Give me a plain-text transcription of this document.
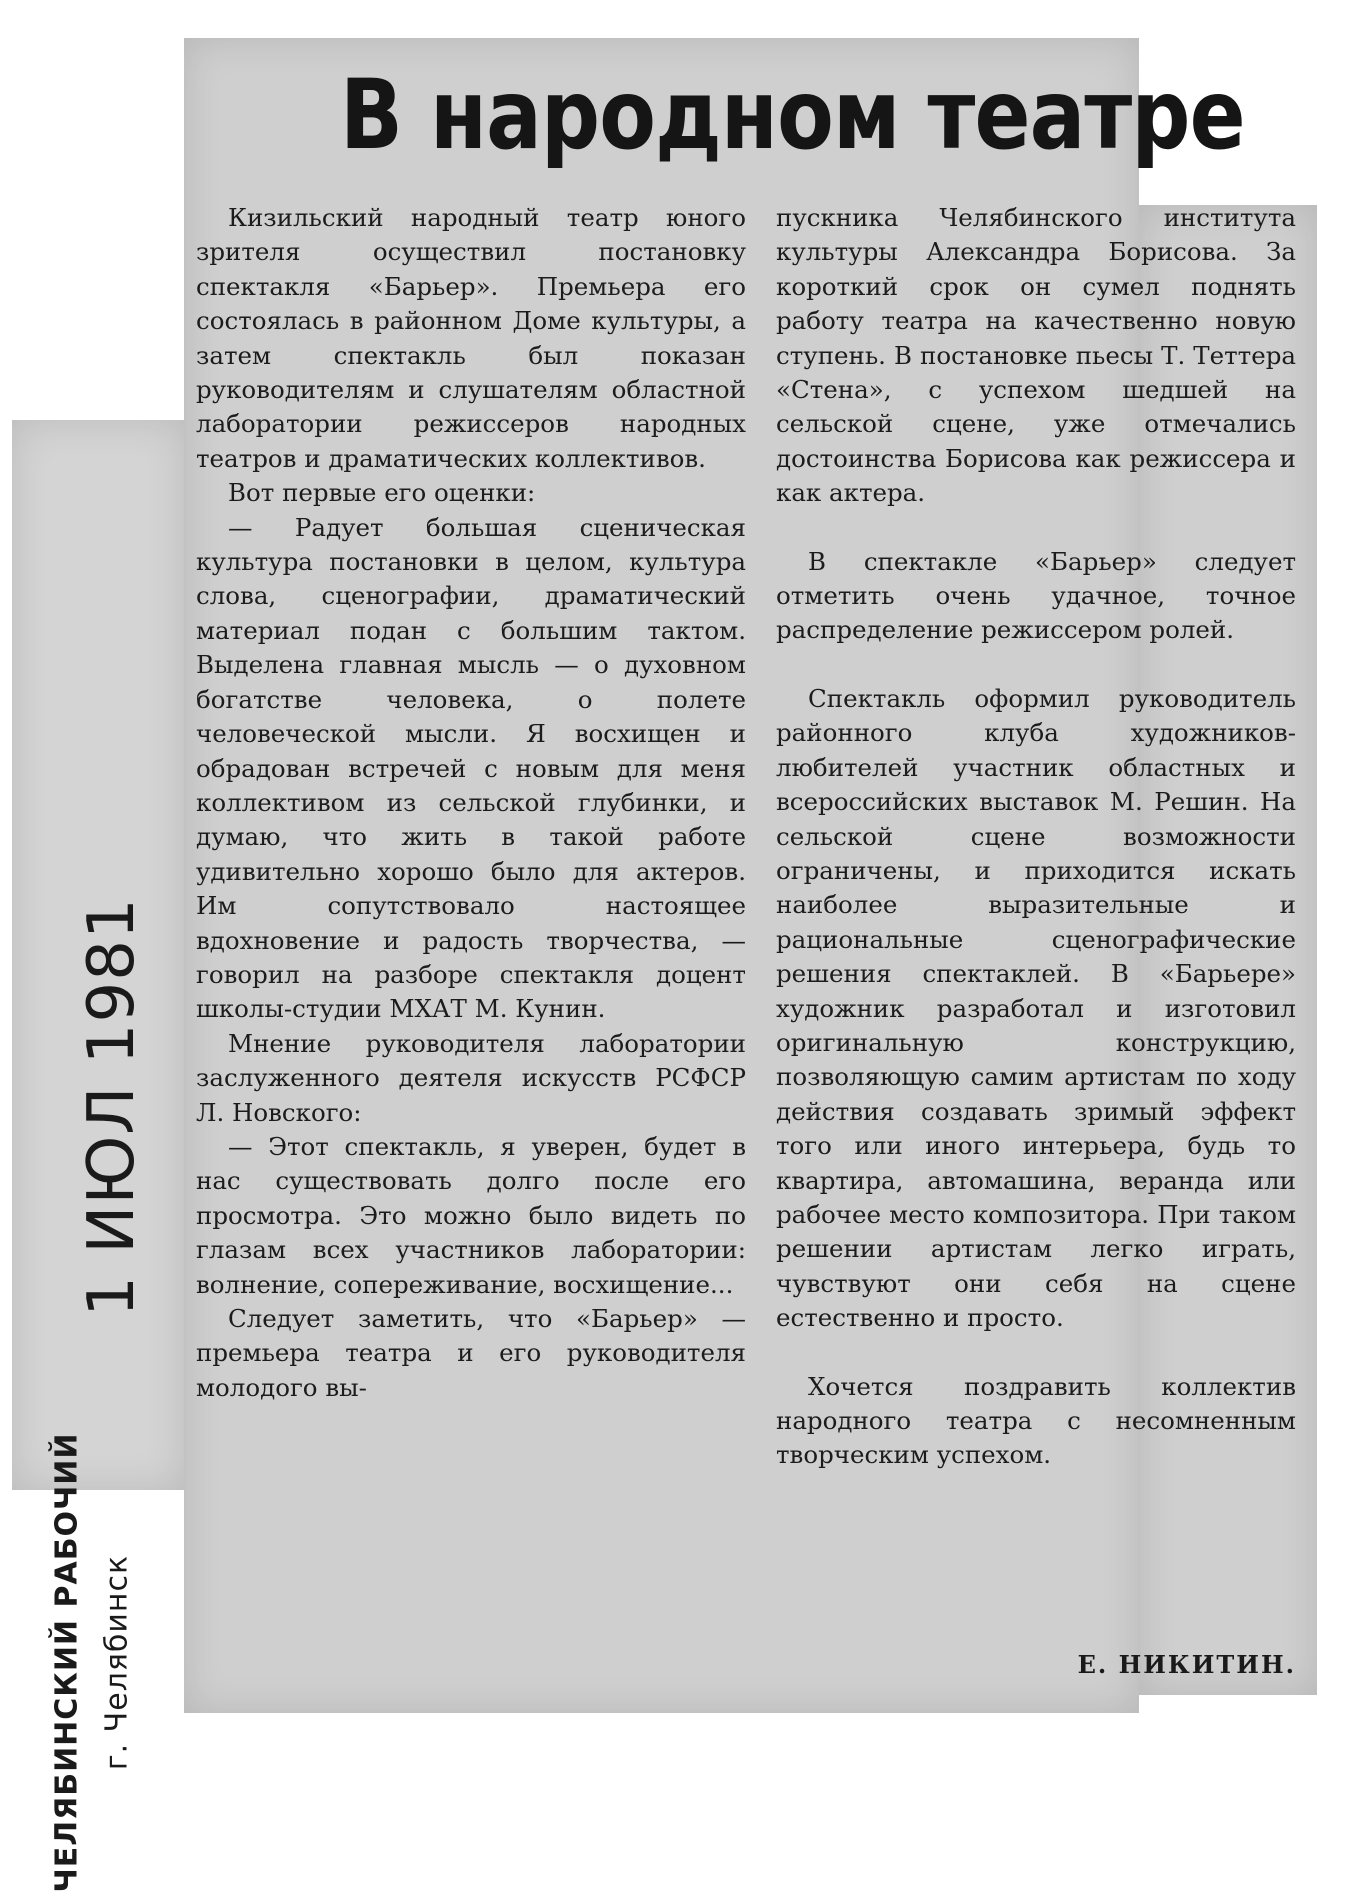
1 ИЮЛ 1981
ЧЕЛЯБИНСКИЙ РАБОЧИЙ г. Челябинск
В народном театре

Кизильский народный театр юного зрителя осуществил постановку спектакля «Барьер». Премьера его состоялась в районном Доме культуры, а затем спектакль был показан руководителям и слушателям областной лаборатории режиссеров народных театров и драматических коллективов.

Вот первые его оценки:

— Радует большая сценическая культура постановки в целом, культура слова, сценографии, драматический материал подан с большим тактом. Выделена главная мысль — о духовном богатстве человека, о полете человеческой мысли. Я восхищен и обрадован встречей с новым для меня коллективом из сельской глубинки, и думаю, что жить в такой работе удивительно хорошо было для актеров. Им сопутствовало настоящее вдохновение и радость творчества, — говорил на разборе спектакля доцент школы-студии МХАТ М. Кунин.

Мнение руководителя лаборатории заслуженного деятеля искусств РСФСР Л. Новского:

— Этот спектакль, я уверен, будет в нас существовать долго после его просмотра. Это можно было видеть по глазам всех участников лаборатории: волнение, сопереживание, восхищение...

Следует заметить, что «Барьер» — премьера театра и его руководителя молодого вы-

пускника Челябинского института культуры Александра Борисова. За короткий срок он сумел поднять работу театра на качественно новую ступень. В постановке пьесы Т. Теттера «Стена», с успехом шедшей на сельской сцене, уже отмечались достоинства Борисова как режиссера и как актера.

В спектакле «Барьер» следует отметить очень удачное, точное распределение режиссером ролей.

Спектакль оформил руководитель районного клуба художников-любителей участник областных и всероссийских выставок М. Решин. На сельской сцене возможности ограничены, и приходится искать наиболее выразительные и рациональные сценографические решения спектаклей. В «Барьере» художник разработал и изготовил оригинальную конструкцию, позволяющую самим артистам по ходу действия создавать зримый эффект того или иного интерьера, будь то квартира, автомашина, веранда или рабочее место композитора. При таком решении артистам легко играть, чувствуют они себя на сцене естественно и просто.

Хочется поздравить коллектив народного театра с несомненным творческим успехом.

Е. НИКИТИН.
